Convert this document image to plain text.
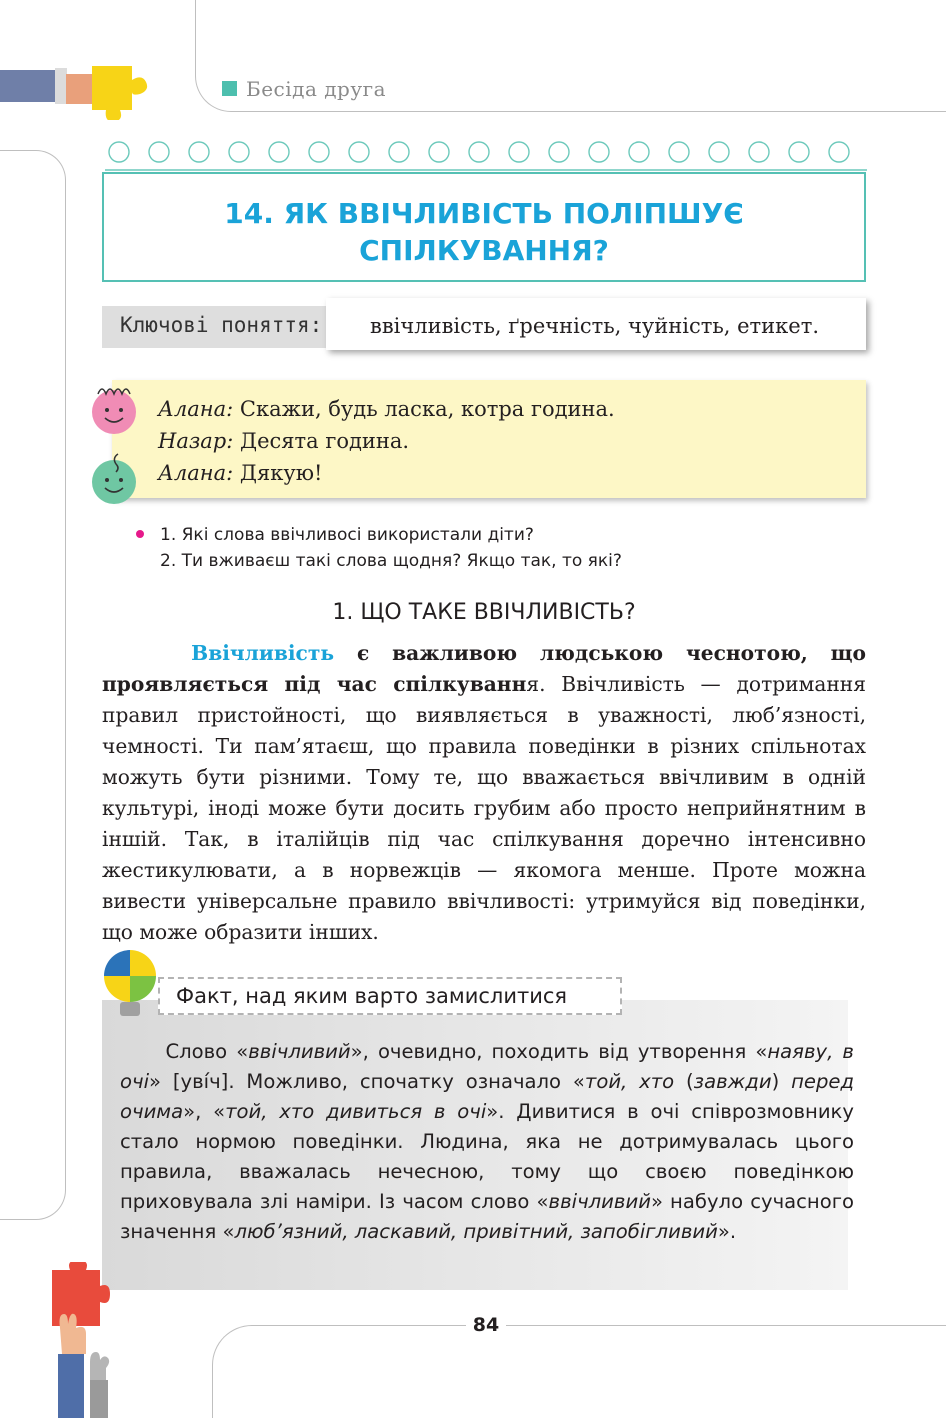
Бесіда друга
14. ЯК ВВІЧЛИВІСТЬ ПОЛІПШУЄ
СПІЛКУВАННЯ?
Ключові поняття: ввічливість, ґречність, чуйність, етикет.
Алана: Скажи, будь ласка, котра година.
Назар: Десята година.
Алана: Дякую!
1. Які слова ввічливосі використали діти?
2. Ти вживаєш такі слова щодня? Якщо так, то які?
1. ЩО ТАКЕ ВВІЧЛИВІСТЬ?
Ввічливість є важливою людською чеснотою, що проявляється під час спілкування. Ввічливість — дотримання правил пристойності, що виявляється в уважності, люб’язності, чемності. Ти пам’ятаєш, що правила поведінки в різних спільнотах можуть бути різними. Тому те, що вважається ввічливим в одній культурі, іноді може бути досить грубим або просто неприйнятним в іншій. Так, в італійців під час спілкування доречно інтенсивно жестикулювати, а в норвежців — якомога менше. Проте можна вивести універсальне правило ввічливості: утримуйся від поведінки, що може образити інших.
Факт, над яким варто замислитися
Слово «ввічливий», очевидно, походить від утворення «наяву, в очі» [увíч]. Можливо, спочатку означало «той, хто (завжди) перед очима», «той, хто дивиться в очі». Дивитися в очі співрозмовнику стало нормою поведінки. Людина, яка не дотримувалась цього правила, вважалась нечесною, тому що своєю поведінкою приховувала злі наміри. Із часом слово «ввічливий» набуло сучасного значення «люб’язний, ласкавий, привітний, запобігливий».
84
